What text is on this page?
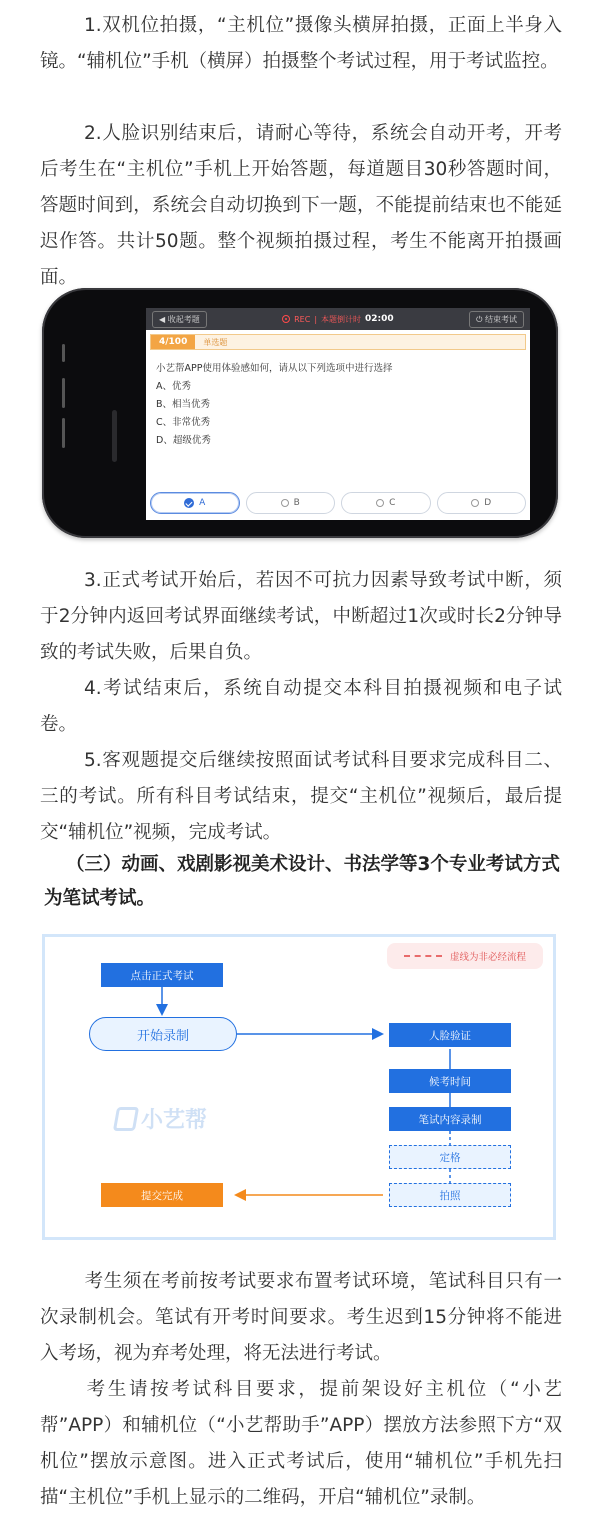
1.双机位拍摄，“主机位”摄像头横屏拍摄，正面上半身入镜。“辅机位”手机（横屏）拍摄整个考试过程，用于考试监控。
2.人脸识别结束后，请耐心等待，系统会自动开考，开考后考生在“主机位”手机上开始答题，每道题目30秒答题时间，答题时间到，系统会自动切换到下一题，不能提前结束也不能延迟作答。共计50题。整个视频拍摄过程，考生不能离开拍摄画面。
◀ 收起考题	REC | 本题倒计时 02:00	⏻ 结束考试
4/100	单选题
小艺帮APP使用体验感如何，请从以下列选项中进行选择
A、优秀
B、相当优秀
C、非常优秀
D、超级优秀
A	B	C	D
3.正式考试开始后，若因不可抗力因素导致考试中断，须于2分钟内返回考试界面继续考试，中断超过1次或时长2分钟导致的考试失败，后果自负。
4.考试结束后，系统自动提交本科目拍摄视频和电子试卷。
5.客观题提交后继续按照面试考试科目要求完成科目二、三的考试。所有科目考试结束，提交“主机位”视频后，最后提交“辅机位”视频，完成考试。
（三）动画、戏剧影视美术设计、书法学等3个专业考试方式为笔试考试。
虚线为非必经流程
点击正式考试
开始录制
小艺帮
人脸验证
候考时间
笔试内容录制
定格
拍照
提交完成
考生须在考前按考试要求布置考试环境，笔试科目只有一次录制机会。笔试有开考时间要求。考生迟到15分钟将不能进入考场，视为弃考处理，将无法进行考试。
考生请按考试科目要求，提前架设好主机位（“小艺帮”APP）和辅机位（“小艺帮助手”APP）摆放方法参照下方“双机位”摆放示意图。进入正式考试后，使用“辅机位”手机先扫描“主机位”手机上显示的二维码，开启“辅机位”录制。
